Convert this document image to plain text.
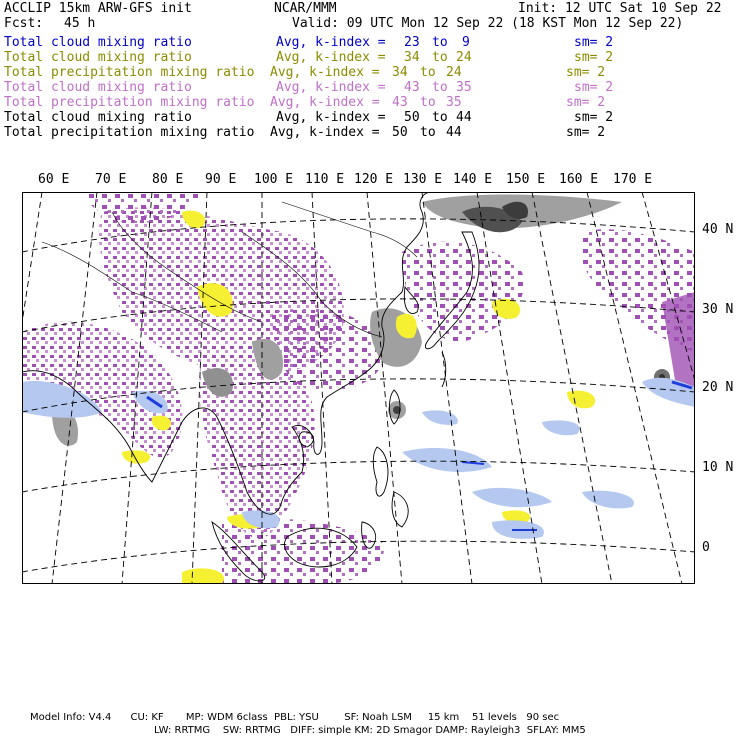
ACCLIP 15km ARW-GFS init	NCAR/MMM	Init: 12 UTC Sat 10 Sep 22
Fcst: 45 h	Valid: 09 UTC Mon 12 Sep 22 (18 KST Mon 12 Sep 22)
Total cloud mixing ratio	Avg, k-index = 23 to 9	sm= 2
Total cloud mixing ratio	Avg, k-index = 34 to 24	sm= 2
Total precipitation mixing ratio Avg, k-index = 34 to 24	sm= 2
Total cloud mixing ratio	Avg, k-index = 43 to 35	sm= 2
Total precipitation mixing ratio Avg, k-index = 43 to 35	sm= 2
Total cloud mixing ratio	Avg, k-index = 50 to 44	sm= 2
Total precipitation mixing ratio Avg, k-index = 50 to 44	sm= 2
60 E 70 E 80 E 90 E 100 E 110 E 120 E 130 E 140 E 150 E 160 E 170 E
40 N
30 N
20 N
10 N
0
Model Info: V4.4      CU: KF       MP: WDM 6class  PBL: YSU        SF: Noah LSM     15 km    51 levels   90 sec
LW: RRTMG    SW: RRTMG   DIFF: simple KM: 2D Smagor DAMP: Rayleigh3  SFLAY: MM5
